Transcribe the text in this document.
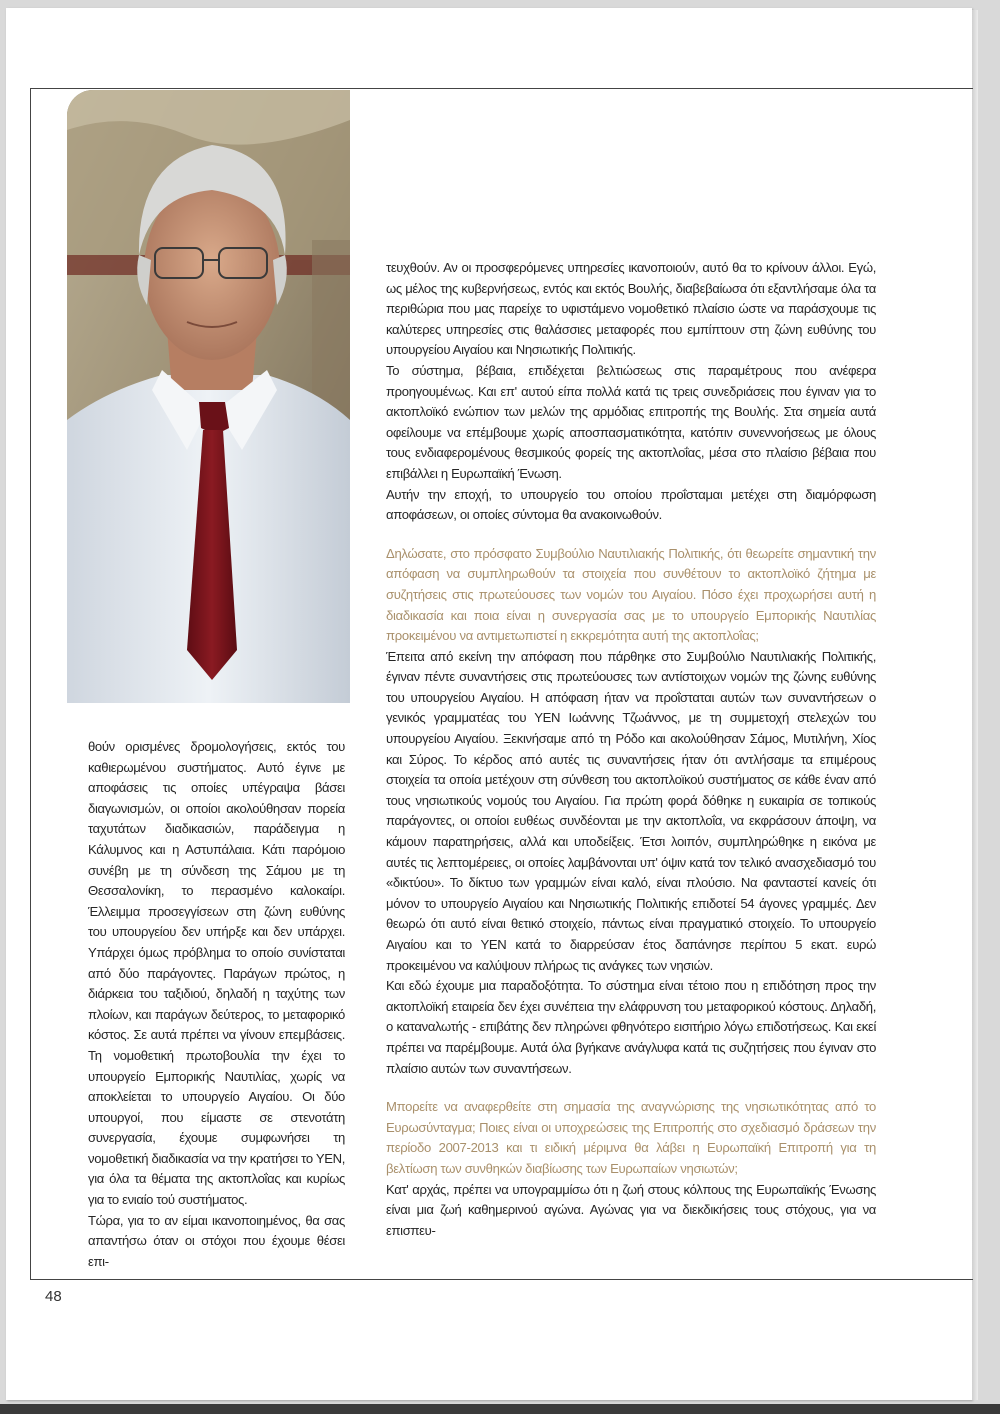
θούν ορισμένες δρομολογήσεις, εκτός του καθιερωμένου συστήματος. Αυτό έγινε με αποφάσεις τις οποίες υπέγραψα βάσει διαγωνισμών, οι οποίοι ακολούθησαν πορεία ταχυτάτων διαδικασιών, παράδειγμα η Κάλυμνος και η Αστυπάλαια. Κάτι παρόμοιο συνέβη με τη σύνδεση της Σάμου με τη Θεσσαλονίκη, το περασμένο καλοκαίρι. Έλλειμμα προσεγγίσεων στη ζώνη ευθύνης του υπουργείου δεν υπήρξε και δεν υπάρχει. Υπάρχει όμως πρόβλημα το οποίο συνίσταται από δύο παράγοντες. Παράγων πρώτος, η διάρκεια του ταξιδιού, δηλαδή η ταχύτης των πλοίων, και παράγων δεύτερος, το μεταφορικό κόστος. Σε αυτά πρέπει να γίνουν επεμβάσεις. Τη νομοθετική πρωτοβουλία την έχει το υπουργείο Εμπορικής Ναυτιλίας, χωρίς να αποκλείεται το υπουργείο Αιγαίου. Οι δύο υπουργοί, που είμαστε σε στενοτάτη συνεργασία, έχουμε συμφωνήσει τη νομοθετική διαδικασία να την κρατήσει το ΥΕΝ, για όλα τα θέματα της ακτοπλοΐας και κυρίως για το ενιαίο τού συστήματος.

Τώρα, για το αν είμαι ικανοποιημένος, θα σας απαντήσω όταν οι στόχοι που έχουμε θέσει επι-

τευχθούν. Αν οι προσφερόμενες υπηρεσίες ικανοποιούν, αυτό θα το κρίνουν άλλοι. Εγώ, ως μέλος της κυβερνήσεως, εντός και εκτός Βουλής, διαβεβαίωσα ότι εξαντλήσαμε όλα τα περιθώρια που μας παρείχε το υφιστάμενο νομοθετικό πλαίσιο ώστε να παράσχουμε τις καλύτερες υπηρεσίες στις θαλάσσιες μεταφορές που εμπίπτουν στη ζώνη ευθύνης του υπουργείου Αιγαίου και Νησιωτικής Πολιτικής.

Το σύστημα, βέβαια, επιδέχεται βελτιώσεως στις παραμέτρους που ανέφερα προηγουμένως. Και επ' αυτού είπα πολλά κατά τις τρεις συνεδριάσεις που έγιναν για το ακτοπλοϊκό ενώπιον των μελών της αρμόδιας επιτροπής της Βουλής. Στα σημεία αυτά οφείλουμε να επέμβουμε χωρίς αποσπασματικότητα, κατόπιν συνεννοήσεως με όλους τους ενδιαφερομένους θεσμικούς φορείς της ακτοπλοΐας, μέσα στο πλαίσιο βέβαια που επιβάλλει η Ευρωπαϊκή Ένωση.

Αυτήν την εποχή, το υπουργείο του οποίου προΐσταμαι μετέχει στη διαμόρφωση αποφάσεων, οι οποίες σύντομα θα ανακοινωθούν.

Δηλώσατε, στο πρόσφατο Συμβούλιο Ναυτιλιακής Πολιτικής, ότι θεωρείτε σημαντική την απόφαση να συμπληρωθούν τα στοιχεία που συνθέτουν το ακτοπλοϊκό ζήτημα με συζητήσεις στις πρωτεύουσες των νομών του Αιγαίου. Πόσο έχει προχωρήσει αυτή η διαδικασία και ποια είναι η συνεργασία σας με το υπουργείο Εμπορικής Ναυτιλίας προκειμένου να αντιμετωπιστεί η εκκρεμότητα αυτή της ακτοπλοΐας;

Έπειτα από εκείνη την απόφαση που πάρθηκε στο Συμβούλιο Ναυτιλιακής Πολιτικής, έγιναν πέντε συναντήσεις στις πρωτεύουσες των αντίστοιχων νομών της ζώνης ευθύνης του υπουργείου Αιγαίου. Η απόφαση ήταν να προΐσταται αυτών των συναντήσεων ο γενικός γραμματέας του ΥΕΝ Ιωάννης Τζωάννος, με τη συμμετοχή στελεχών του υπουργείου Αιγαίου. Ξεκινήσαμε από τη Ρόδο και ακολούθησαν Σάμος, Μυτιλήνη, Χίος και Σύρος. Το κέρδος από αυτές τις συναντήσεις ήταν ότι αντλήσαμε τα επιμέρους στοιχεία τα οποία μετέχουν στη σύνθεση του ακτοπλοϊκού συστήματος σε κάθε έναν από τους νησιωτικούς νομούς του Αιγαίου. Για πρώτη φορά δόθηκε η ευκαιρία σε τοπικούς παράγοντες, οι οποίοι ευθέως συνδέονται με την ακτοπλοΐα, να εκφράσουν άποψη, να κάμουν παρατηρήσεις, αλλά και υποδείξεις. Έτσι λοιπόν, συμπληρώθηκε η εικόνα με αυτές τις λεπτομέρειες, οι οποίες λαμβάνονται υπ' όψιν κατά τον τελικό ανασχεδιασμό του «δικτύου». Το δίκτυο των γραμμών είναι καλό, είναι πλούσιο. Να φανταστεί κανείς ότι μόνον το υπουργείο Αιγαίου και Νησιωτικής Πολιτικής επιδοτεί 54 άγονες γραμμές. Δεν θεωρώ ότι αυτό είναι θετικό στοιχείο, πάντως είναι πραγματικό στοιχείο. Το υπουργείο Αιγαίου και το ΥΕΝ κατά το διαρρεύσαν έτος δαπάνησε περίπου 5 εκατ. ευρώ προκειμένου να καλύψουν πλήρως τις ανάγκες των νησιών.

Και εδώ έχουμε μια παραδοξότητα. Το σύστημα είναι τέτοιο που η επιδότηση προς την ακτοπλοϊκή εταιρεία δεν έχει συνέπεια την ελάφρυνση του μεταφορικού κόστους. Δηλαδή, ο καταναλωτής - επιβάτης δεν πληρώνει φθηνότερο εισιτήριο λόγω επιδοτήσεως. Και εκεί πρέπει να παρέμβουμε. Αυτά όλα βγήκανε ανάγλυφα κατά τις συζητήσεις που έγιναν στο πλαίσιο αυτών των συναντήσεων.

Μπορείτε να αναφερθείτε στη σημασία της αναγνώρισης της νησιωτικότητας από το Ευρωσύνταγμα; Ποιες είναι οι υποχρεώσεις της Επιτροπής στο σχεδιασμό δράσεων την περίοδο 2007-2013 και τι ειδική μέριμνα θα λάβει η Ευρωπαϊκή Επιτροπή για τη βελτίωση των συνθηκών διαβίωσης των Ευρωπαίων νησιωτών;

Κατ' αρχάς, πρέπει να υπογραμμίσω ότι η ζωή στους κόλπους της Ευρωπαϊκής Ένωσης είναι μια ζωή καθημερινού αγώνα. Αγώνας για να διεκδικήσεις τους στόχους, για να επισπευ-

48
